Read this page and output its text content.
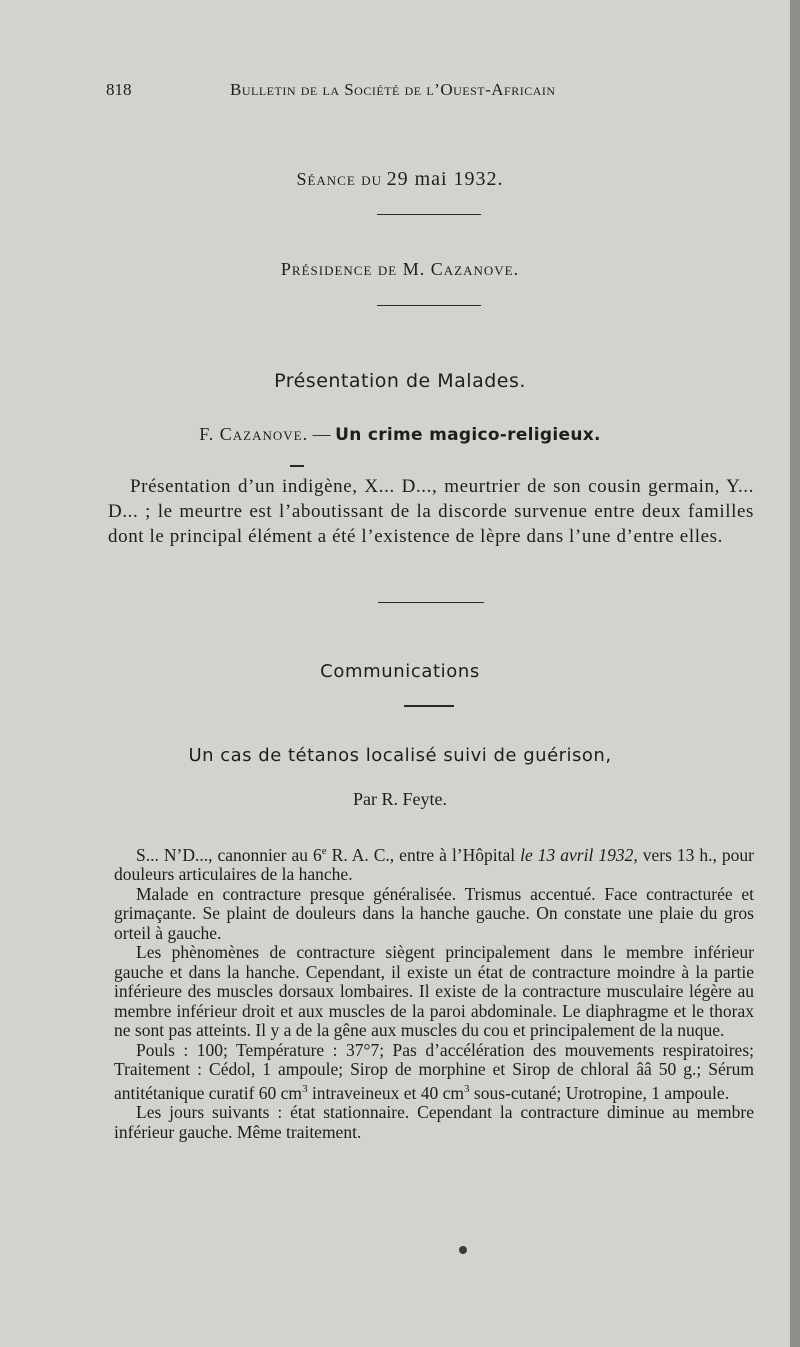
818	Bulletin de la Société de l’Ouest-Africain
Séance du 29 mai 1932.
Présidence de M. Cazanove.
Présentation de Malades.
F. Cazanove. — Un crime magico-religieux.

Présentation d’un indigène, X... D..., meurtrier de son cousin germain, Y... D... ; le meurtre est l’aboutissant de la discorde survenue entre deux familles dont le principal élément a été l’existence de lèpre dans l’une d’entre elles.

Communications
Un cas de tétanos localisé suivi de guérison,
Par R. Feyte.

S... N’D..., canonnier au 6e R. A. C., entre à l’Hôpital le 13 avril 1932, vers 13 h., pour douleurs articulaires de la hanche.

Malade en contracture presque généralisée. Trismus accentué. Face contracturée et grimaçante. Se plaint de douleurs dans la hanche gauche. On constate une plaie du gros orteil à gauche.

Les phènomènes de contracture siègent principalement dans le membre inférieur gauche et dans la hanche. Cependant, il existe un état de contracture moindre à la partie inférieure des muscles dorsaux lombaires. Il existe de la contracture musculaire légère au membre inférieur droit et aux muscles de la paroi abdominale. Le diaphragme et le thorax ne sont pas atteints. Il y a de la gêne aux muscles du cou et principalement de la nuque.

Pouls : 100; Température : 37°7; Pas d’accélération des mouvements respiratoires; Traitement : Cédol, 1 ampoule; Sirop de morphine et Sirop de chloral ââ 50 g.; Sérum antitétanique curatif 60 $cm^3$ intraveineux et 40 $cm^3$ sous-cutané; Urotropine, 1 ampoule.

Les jours suivants : état stationnaire. Cependant la contracture diminue au membre inférieur gauche. Même traitement.
